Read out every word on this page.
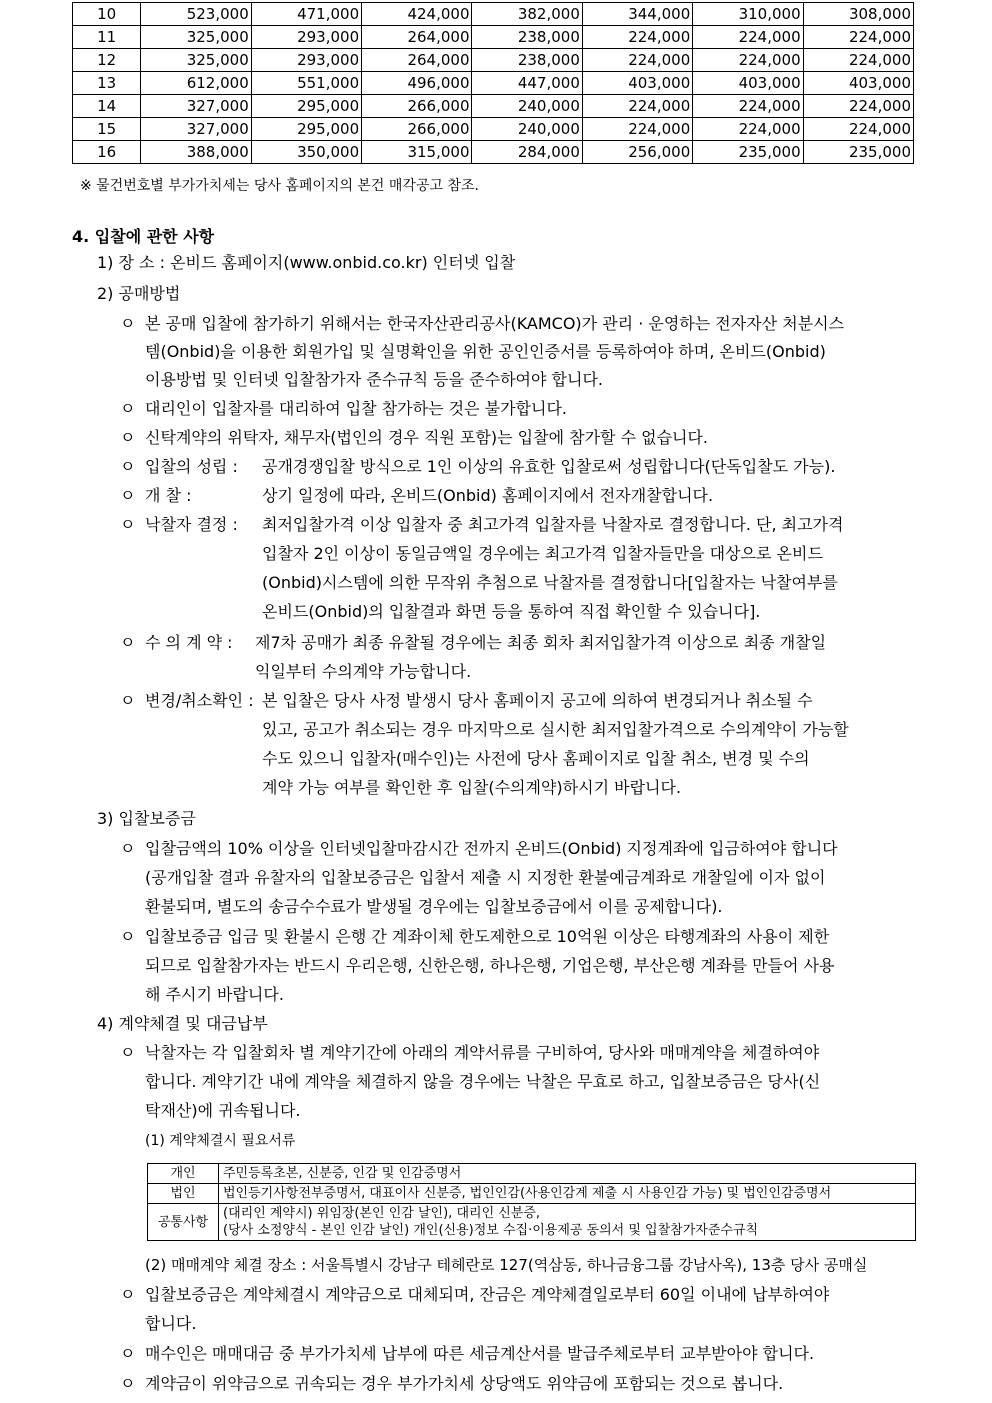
10	523,000	471,000	424,000	382,000	344,000	310,000	308,000
11	325,000	293,000	264,000	238,000	224,000	224,000	224,000
12	325,000	293,000	264,000	238,000	224,000	224,000	224,000
13	612,000	551,000	496,000	447,000	403,000	403,000	403,000
14	327,000	295,000	266,000	240,000	224,000	224,000	224,000
15	327,000	295,000	266,000	240,000	224,000	224,000	224,000
16	388,000	350,000	315,000	284,000	256,000	235,000	235,000
※ 물건번호별 부가가치세는 당사 홈페이지의 본건 매각공고 참조.
4. 입찰에 관한 사항
1) 장 소 : 온비드 홈페이지(www.onbid.co.kr) 인터넷 입찰
2) 공매방법
ㅇ 본 공매 입찰에 참가하기 위해서는 한국자산관리공사(KAMCO)가 관리 · 운영하는 전자자산 처분시스
템(Onbid)을 이용한 회원가입 및 실명확인을 위한 공인인증서를 등록하여야 하며, 온비드(Onbid)
이용방법 및 인터넷 입찰참가자 준수규칙 등을 준수하여야 합니다.
ㅇ 대리인이 입찰자를 대리하여 입찰 참가하는 것은 불가합니다.
ㅇ 신탁계약의 위탁자, 채무자(법인의 경우 직원 포함)는 입찰에 참가할 수 없습니다.
ㅇ 입찰의 성립 : 공개경쟁입찰 방식으로 1인 이상의 유효한 입찰로써 성립합니다(단독입찰도 가능).
ㅇ 개 찰 :	상기 일정에 따라, 온비드(Onbid) 홈페이지에서 전자개찰합니다.
ㅇ 낙찰자 결정 : 최저입찰가격 이상 입찰자 중 최고가격 입찰자를 낙찰자로 결정합니다. 단, 최고가격
입찰자 2인 이상이 동일금액일 경우에는 최고가격 입찰자들만을 대상으로 온비드
(Onbid)시스템에 의한 무작위 추첨으로 낙찰자를 결정합니다[입찰자는 낙찰여부를
온비드(Onbid)의 입찰결과 화면 등을 통하여 직접 확인할 수 있습니다].
ㅇ 수 의 계 약 : 제7차 공매가 최종 유찰될 경우에는 최종 회차 최저입찰가격 이상으로 최종 개찰일
익일부터 수의계약 가능합니다.
ㅇ 변경/취소확인 : 본 입찰은 당사 사정 발생시 당사 홈페이지 공고에 의하여 변경되거나 취소될 수
있고, 공고가 취소되는 경우 마지막으로 실시한 최저입찰가격으로 수의계약이 가능할
수도 있으니 입찰자(매수인)는 사전에 당사 홈페이지로 입찰 취소, 변경 및 수의
계약 가능 여부를 확인한 후 입찰(수의계약)하시기 바랍니다.
3) 입찰보증금
ㅇ 입찰금액의 10% 이상을 인터넷입찰마감시간 전까지 온비드(Onbid) 지정계좌에 입금하여야 합니다
(공개입찰 결과 유찰자의 입찰보증금은 입찰서 제출 시 지정한 환불예금계좌로 개찰일에 이자 없이
환불되며, 별도의 송금수수료가 발생될 경우에는 입찰보증금에서 이를 공제합니다).
ㅇ 입찰보증금 입금 및 환불시 은행 간 계좌이체 한도제한으로 10억원 이상은 타행계좌의 사용이 제한
되므로 입찰참가자는 반드시 우리은행, 신한은행, 하나은행, 기업은행, 부산은행 계좌를 만들어 사용
해 주시기 바랍니다.
4) 계약체결 및 대금납부
ㅇ 낙찰자는 각 입찰회차 별 계약기간에 아래의 계약서류를 구비하여, 당사와 매매계약을 체결하여야
합니다. 계약기간 내에 계약을 체결하지 않을 경우에는 낙찰은 무효로 하고, 입찰보증금은 당사(신
탁재산)에 귀속됩니다.
(1) 계약체결시 필요서류
개인	주민등록초본, 신분증, 인감 및 인감증명서
법인	법인등기사항전부증명서, 대표이사 신분증, 법인인감(사용인감계 제출 시 사용인감 가능) 및 법인인감증명서
공통사항	(대리인 계약시) 위임장(본인 인감 날인), 대리인 신분증,
(당사 소정양식 - 본인 인감 날인) 개인(신용)정보 수집·이용제공 동의서 및 입찰참가자준수규칙
(2) 매매계약 체결 장소 : 서울특별시 강남구 테헤란로 127(역삼동, 하나금융그룹 강남사옥), 13층 당사 공매실
ㅇ 입찰보증금은 계약체결시 계약금으로 대체되며, 잔금은 계약체결일로부터 60일 이내에 납부하여야
합니다.
ㅇ 매수인은 매매대금 중 부가가치세 납부에 따른 세금계산서를 발급주체로부터 교부받아야 합니다.
ㅇ 계약금이 위약금으로 귀속되는 경우 부가가치세 상당액도 위약금에 포함되는 것으로 봅니다.
